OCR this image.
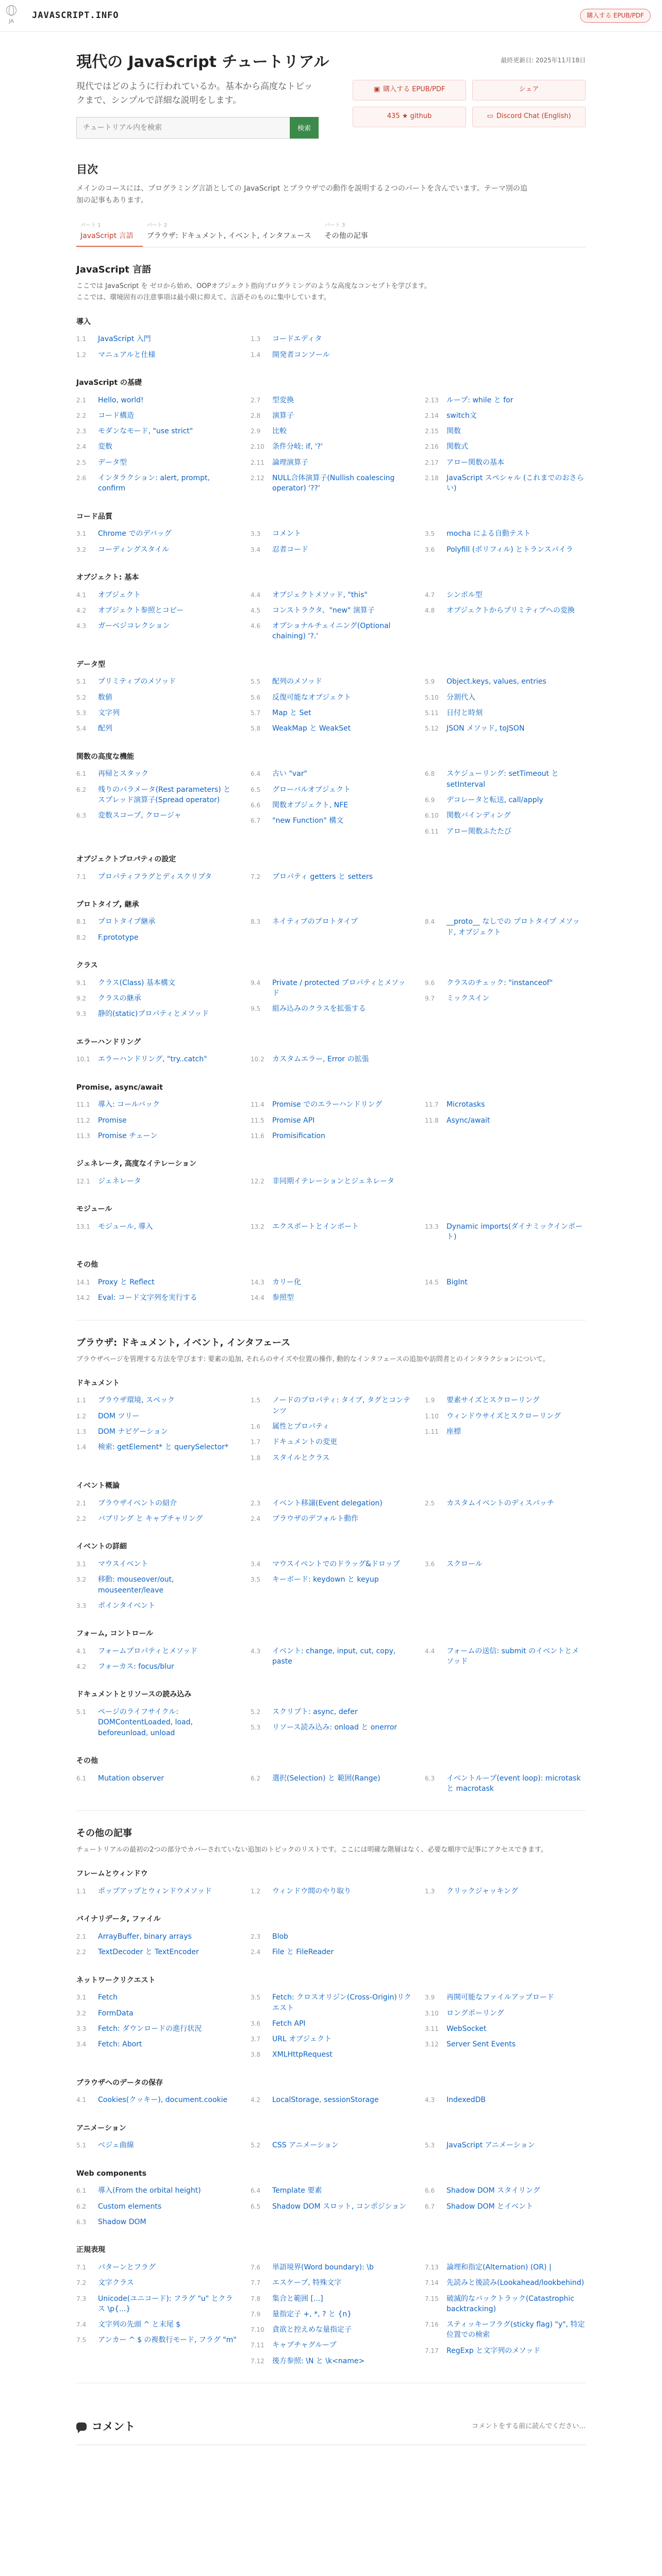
JA
JAVASCRIPT.INFO	購入する EPUB/PDF
現代の JavaScript チュートリアル	最終更新日: 2025年11月18日

現代ではどのように行われているか。基本から高度なトピックまで、シンプルで詳細な説明をします。

チュートリアル内を検索
検索
▣ 購入する EPUB/PDF	シェア
435 ★ github	▭ Discord Chat (English)
目次

メインのコースには、プログラミング言語としての JavaScript とブラウザでの動作を説明する２つのパートを含んでいます。テーマ別の追加の記事もあります。

パート 1
JavaScript 言語
パート 2
ブラウザ: ドキュメント, イベント, インタフェース
パート 3
その他の記事
JavaScript 言語

ここでは JavaScript を ゼロから始め、OOPオブジェクト指向プログラミングのような高度なコンセプトを学びます。

ここでは、環境固有の注意事項は最小限に抑えて、言語そのものに集中しています。

導入
1.1	JavaScript 入門
1.2	マニュアルと仕様
1.3	コードエディタ
1.4	開発者コンソール
JavaScript の基礎
2.1	Hello, world!
2.2	コード構造
2.3	モダンなモード, "use strict"
2.4	変数
2.5	データ型
2.6	インタラクション: alert, prompt, confirm
2.7	型変換
2.8	演算子
2.9	比較
2.10 条件分岐: if, '?'
2.11 論理演算子
2.12 NULL合体演算子(Nullish coalescing operator) '??'
2.13 ループ: while と for
2.14 switch文
2.15 関数
2.16 関数式
2.17 アロー関数の基本
2.18 JavaScript スペシャル (これまでのおさらい)
コード品質
3.1	Chrome でのデバッグ
3.2	コーディングスタイル
3.3	コメント
3.4	忍者コード
3.5	mocha による自動テスト
3.6	Polyfill (ポリフィル) とトランスパイラ
オブジェクト: 基本
4.1	オブジェクト
4.2	オブジェクト参照とコピー
4.3	ガーベジコレクション
4.4	オブジェクトメソッド, "this"
4.5	コンストラクタ、"new" 演算子
4.6	オプショナルチェイニング(Optional chaining) '?.'
4.7	シンボル型
4.8	オブジェクトからプリミティブへの変換
データ型
5.1	プリミティブのメソッド
5.2	数値
5.3	文字列
5.4	配列
5.5	配列のメソッド
5.6	反復可能なオブジェクト
5.7	Map と Set
5.8	WeakMap と WeakSet
5.9	Object.keys, values, entries
5.10 分割代入
5.11 日付と時刻
5.12 JSON メソッド, toJSON
関数の高度な機能
6.1	再帰とスタック
6.2	残りのパラメータ(Rest parameters) とスプレッド演算子(Spread operator)
6.3	変数スコープ, クロージャ
6.4	古い "var"
6.5	グローバルオブジェクト
6.6	関数オブジェクト, NFE
6.7	"new Function" 構文
6.8	スケジューリング: setTimeout と setInterval
6.9	デコレータと転送, call/apply
6.10 関数バインディング
6.11 アロー関数ふたたび
オブジェクトプロパティの設定
7.1	プロパティフラグとディスクリプタ	7.2	プロパティ getters と setters
プロトタイプ, 継承
8.1	プロトタイプ継承
8.2	F.prototype
8.3	ネイティブのプロトタイプ	8.4	__proto__ なしでの プロトタイプ メソッド, オブジェクト
クラス
9.1	クラス(Class) 基本構文
9.2	クラスの継承
9.3	静的(static)プロパティとメソッド
9.4	Private / protected プロパティとメソッド
9.5	組み込みのクラスを拡張する
9.6	クラスのチェック: "instanceof"
9.7	ミックスイン
エラーハンドリング
10.1 エラーハンドリング, "try..catch"	10.2 カスタムエラー, Error の拡張
Promise, async/await
11.1 導入: コールバック
11.2 Promise
11.3 Promise チェーン
11.4 Promise でのエラーハンドリング
11.5 Promise API
11.6 Promisification
11.7 Microtasks
11.8 Async/await
ジェネレータ, 高度なイテレーション
12.1 ジェネレータ	12.2 非同期イテレーションとジェネレータ
モジュール
13.1 モジュール, 導入	13.2 エクスポートとインポート	13.3 Dynamic imports(ダイナミックインポート)
その他
14.1 Proxy と Reflect
14.2 Eval: コード文字列を実行する
14.3 カリー化
14.4 参照型
14.5 BigInt
ブラウザ: ドキュメント, イベント, インタフェース

ブラウザページを管理する方法を学びます: 要素の追加, それらのサイズや位置の操作, 動的なインタフェースの追加や訪問者とのインタラクションについて。

ドキュメント
1.1	ブラウザ環境, スペック
1.2	DOM ツリー
1.3	DOM ナビゲーション
1.4	検索: getElement* と querySelector*
1.5	ノードのプロパティ: タイプ, タグとコンテンツ
1.6	属性とプロパティ
1.7	ドキュメントの変更
1.8	スタイルとクラス
1.9	要素サイズとスクローリング
1.10 ウィンドウサイズとスクローリング
1.11 座標
イベント概論
2.1	ブラウザイベントの紹介
2.2	バブリング と キャプチャリング
2.3	イベント移譲(Event delegation)
2.4	ブラウザのデフォルト動作
2.5	カスタムイベントのディスパッチ
イベントの詳細
3.1	マウスイベント
3.2	移動: mouseover/out, mouseenter/leave
3.3	ポインタイベント
3.4	マウスイベントでのドラッグ&ドロップ
3.5	キーボード: keydown と keyup
3.6	スクロール
フォーム, コントロール
4.1	フォームプロパティとメソッド
4.2	フォーカス: focus/blur
4.3	イベント: change, input, cut, copy, paste
4.4	フォームの送信: submit のイベントとメソッド
ドキュメントとリソースの読み込み
5.1	ページのライフサイクル: DOMContentLoaded, load, beforeunload, unload
5.2	スクリプト: async, defer
5.3	リソース読み込み: onload と onerror
その他
6.1	Mutation observer	6.2	選択(Selection) と 範囲(Range)	6.3	イベントループ(event loop): microtask と macrotask
その他の記事

チュートリアルの最初の2つの部分でカバーされていない追加のトピックのリストです。ここには明確な階層はなく、必要な順序で記事にアクセスできます。

フレームとウィンドウ
1.1	ポップアップとウィンドウメソッド	1.2	ウィンドウ間のやり取り	1.3	クリックジャッキング
バイナリデータ, ファイル
2.1	ArrayBuffer, binary arrays
2.2	TextDecoder と TextEncoder
2.3	Blob
2.4	File と FileReader
ネットワークリクエスト
3.1	Fetch
3.2	FormData
3.3	Fetch: ダウンロードの進行状況
3.4	Fetch: Abort
3.5	Fetch: クロスオリジン(Cross-Origin)リクエスト
3.6	Fetch API
3.7	URL オブジェクト
3.8	XMLHttpRequest
3.9	再開可能なファイルアップロード
3.10 ロングポーリング
3.11 WebSocket
3.12 Server Sent Events
ブラウザへのデータの保存
4.1	Cookies(クッキー), document.cookie	4.2	LocalStorage, sessionStorage	4.3	IndexedDB
アニメーション
5.1	ベジェ曲線	5.2	CSS アニメーション	5.3	JavaScript アニメーション
Web components
6.1	導入(From the orbital height)
6.2	Custom elements
6.3	Shadow DOM
6.4	Template 要素
6.5	Shadow DOM スロット, コンポジション
6.6	Shadow DOM スタイリング
6.7	Shadow DOM とイベント
正規表現
7.1	パターンとフラグ
7.2	文字クラス
7.3	Unicode(ユニコード): フラグ "u" とクラス \p{...}
7.4	文字列の先頭 ^ と末尾 $
7.5	アンカー ^ $ の複数行モード, フラグ "m"
7.6	単語境界(Word boundary): \b
7.7	エスケープ, 特殊文字
7.8	集合と範囲 [...]
7.9	量指定子 +, *, ? と {n}
7.10 貪欲と控えめな量指定子
7.11 キャプチャグループ
7.12 後方参照: \N と \k<name>
7.13 論理和指定(Alternation) (OR) |
7.14 先読みと後読み(Lookahead/lookbehind)
7.15 破滅的なバックトラック(Catastrophic backtracking)
7.16 スティッキーフラグ(sticky flag) "y", 特定位置での検索
7.17 RegExp と文字列のメソッド
コメント	コメントをする前に読んでください…
